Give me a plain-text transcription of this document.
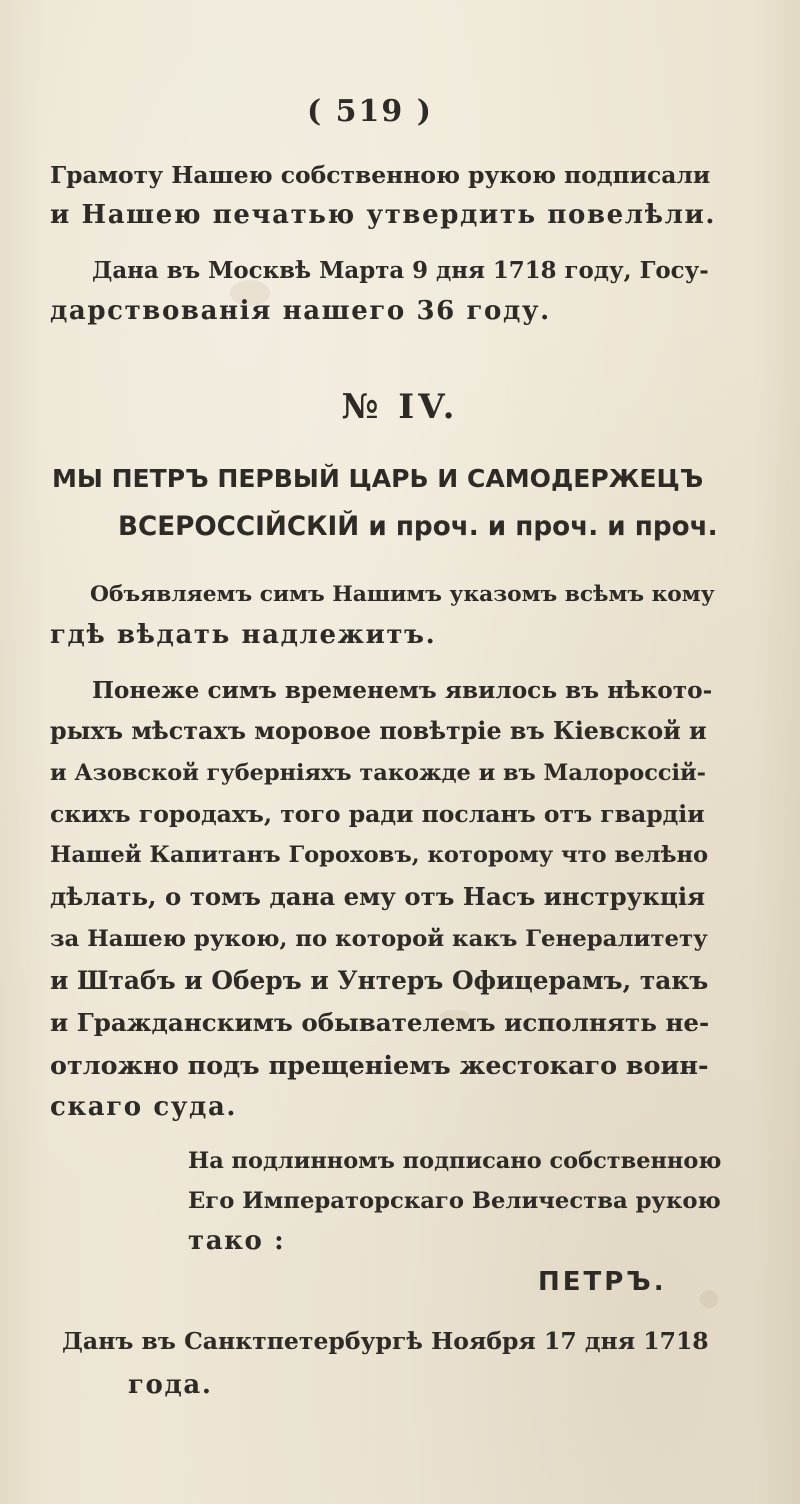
( 519 )
Грамоту Нашею собственною рукою подписали
и Нашею печатью утвердить повелѣли.
Дана въ Москвѣ Марта 9 дня 1718 году, Госу-
дарствованія нашего 36 году.
№ IV.
МЫ ПЕТРЪ ПЕРВЫЙ ЦАРЬ И САМОДЕРЖЕЦЪ
ВСЕРОССІЙСКІЙ и проч. и проч. и проч.
Объявляемъ симъ Нашимъ указомъ всѣмъ кому
гдѣ вѣдать надлежитъ.
Понеже симъ временемъ явилось въ нѣкото-
рыхъ мѣстахъ моровое повѣтріе въ Кіевской и
и Азовской губерніяхъ такожде и въ Малороссій-
скихъ городахъ, того ради посланъ отъ гвардіи
Нашей Капитанъ Гороховъ, которому что велѣно
дѣлать, о томъ дана ему отъ Насъ инструкція
за Нашею рукою, по которой какъ Генералитету
и Штабъ и Оберъ и Унтеръ Офицерамъ, такъ
и Гражданскимъ обывателемъ исполнять не-
отложно подъ прещеніемъ жестокаго воин-
скаго суда.
На подлинномъ подписано собственною
Его Императорскаго Величества рукою
тако :
ПЕТРЪ.
Данъ въ Санктпетербургѣ Ноября 17 дня 1718
года.
